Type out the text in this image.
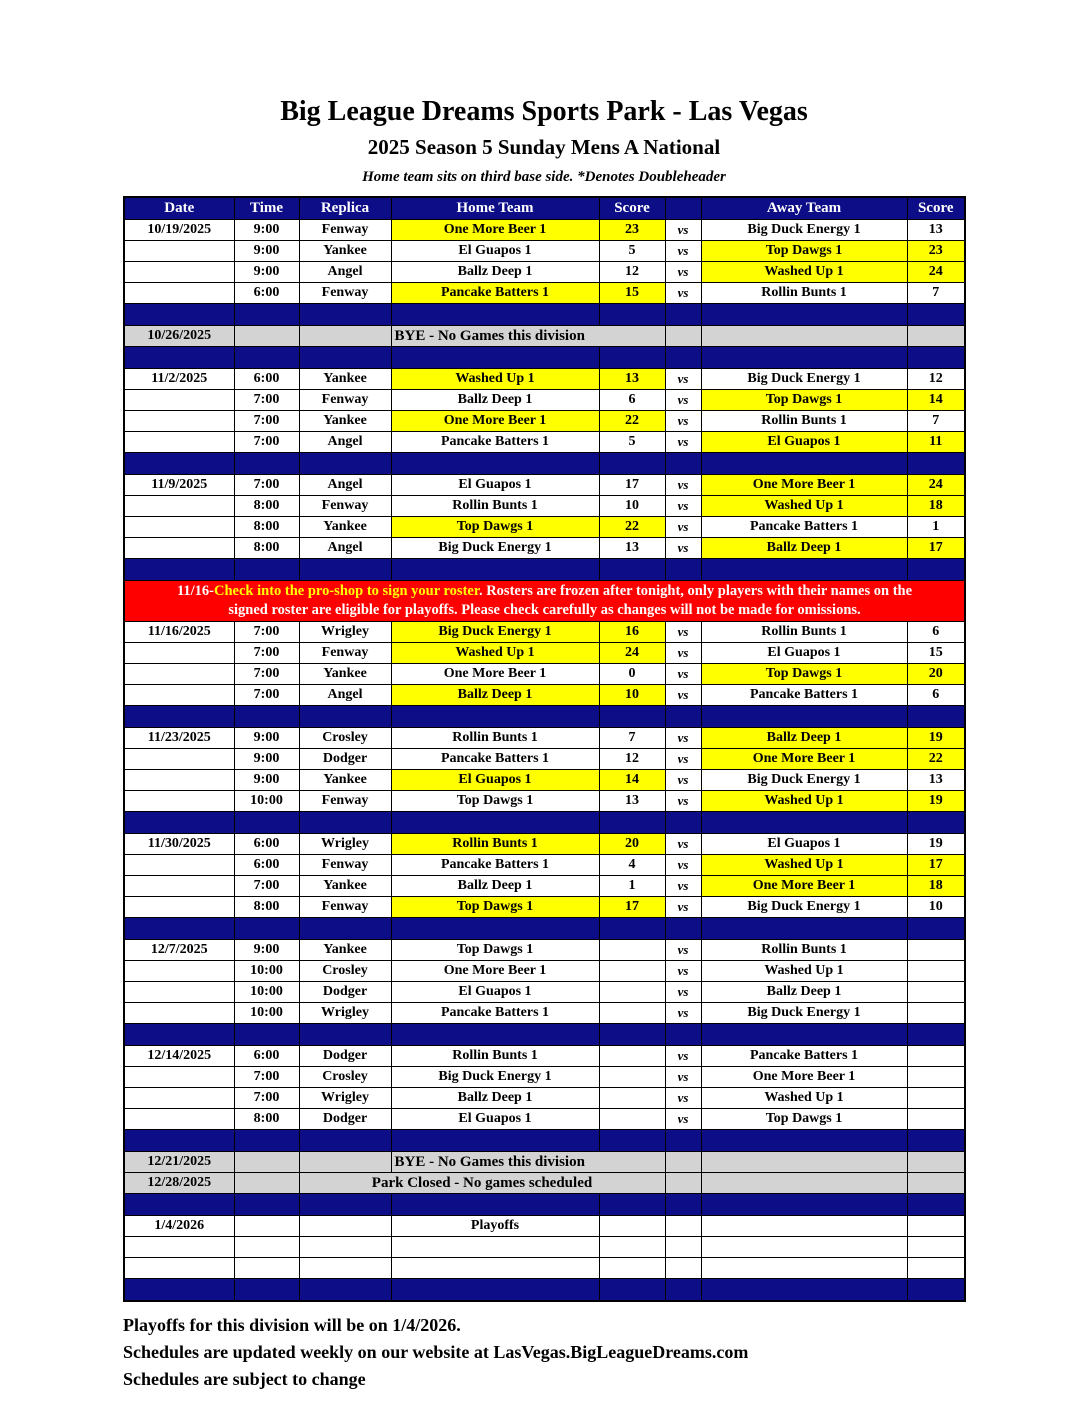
Big League Dreams Sports Park - Las Vegas
2025 Season 5 Sunday Mens A National
Home team sits on third base side. *Denotes Doubleheader
Date	Time	Replica	Home Team	Score		Away Team	Score
10/19/2025	9:00	Fenway	One More Beer 1	23	vs	Big Duck Energy 1	13
	9:00	Yankee	El Guapos 1	5	vs	Top Dawgs 1	23
	9:00	Angel	Ballz Deep 1	12	vs	Washed Up 1	24
	6:00	Fenway	Pancake Batters 1	15	vs	Rollin Bunts 1	7

10/26/2025			BYE - No Games this division				

11/2/2025	6:00	Yankee	Washed Up 1	13	vs	Big Duck Energy 1	12
	7:00	Fenway	Ballz Deep 1	6	vs	Top Dawgs 1	14
	7:00	Yankee	One More Beer 1	22	vs	Rollin Bunts 1	7
	7:00	Angel	Pancake Batters 1	5	vs	El Guapos 1	11

11/9/2025	7:00	Angel	El Guapos 1	17	vs	One More Beer 1	24
	8:00	Fenway	Rollin Bunts 1	10	vs	Washed Up 1	18
	8:00	Yankee	Top Dawgs 1	22	vs	Pancake Batters 1	1
	8:00	Angel	Big Duck Energy 1	13	vs	Ballz Deep 1	17

11/16-Check into the pro-shop to sign your roster. Rosters are frozen after tonight, only players with their names on the
signed roster are eligible for playoffs. Please check carefully as changes will not be made for omissions.							

11/16/2025	7:00	Wrigley	Big Duck Energy 1	16	vs	Rollin Bunts 1	6
	7:00	Fenway	Washed Up 1	24	vs	El Guapos 1	15
	7:00	Yankee	One More Beer 1	0	vs	Top Dawgs 1	20
	7:00	Angel	Ballz Deep 1	10	vs	Pancake Batters 1	6

11/23/2025	9:00	Crosley	Rollin Bunts 1	7	vs	Ballz Deep 1	19
	9:00	Dodger	Pancake Batters 1	12	vs	One More Beer 1	22
	9:00	Yankee	El Guapos 1	14	vs	Big Duck Energy 1	13
	10:00	Fenway	Top Dawgs 1	13	vs	Washed Up 1	19

11/30/2025	6:00	Wrigley	Rollin Bunts 1	20	vs	El Guapos 1	19
	6:00	Fenway	Pancake Batters 1	4	vs	Washed Up 1	17
	7:00	Yankee	Ballz Deep 1	1	vs	One More Beer 1	18
	8:00	Fenway	Top Dawgs 1	17	vs	Big Duck Energy 1	10

12/7/2025	9:00	Yankee	Top Dawgs 1		vs	Rollin Bunts 1	
	10:00	Crosley	One More Beer 1		vs	Washed Up 1	
	10:00	Dodger	El Guapos 1		vs	Ballz Deep 1	
	10:00	Wrigley	Pancake Batters 1		vs	Big Duck Energy 1	

12/14/2025	6:00	Dodger	Rollin Bunts 1		vs	Pancake Batters 1	
	7:00	Crosley	Big Duck Energy 1		vs	One More Beer 1	
	7:00	Wrigley	Ballz Deep 1		vs	Washed Up 1	
	8:00	Dodger	El Guapos 1		vs	Top Dawgs 1	

12/21/2025			BYE - No Games this division				
12/28/2025		Park Closed - No games scheduled					

1/4/2026			Playoffs				

Playoffs for this division will be on 1/4/2026.
Schedules are updated weekly on our website at LasVegas.BigLeagueDreams.com
Schedules are subject to change
